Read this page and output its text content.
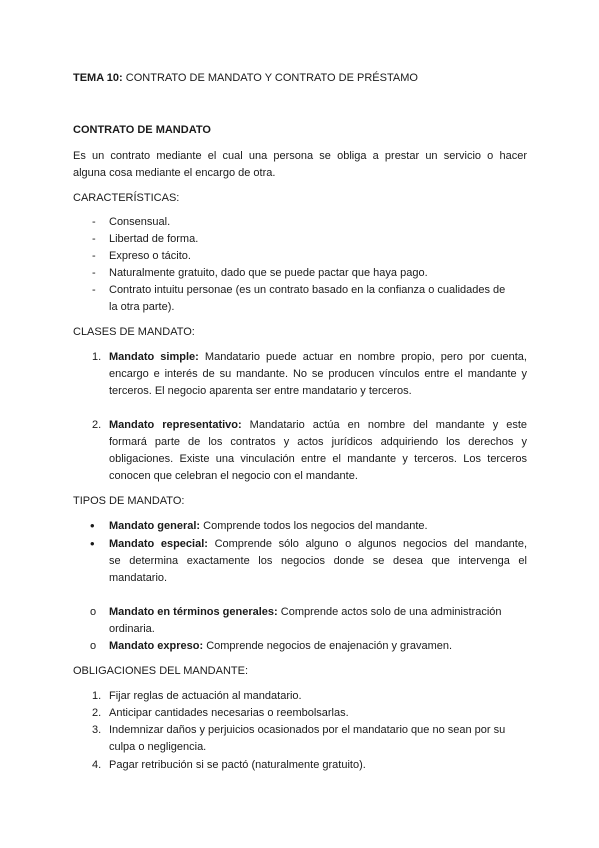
TEMA 10: CONTRATO DE MANDATO Y CONTRATO DE PRÉSTAMO
CONTRATO DE MANDATO
Es un contrato mediante el cual una persona se obliga a prestar un servicio o hacer
alguna cosa mediante el encargo de otra.
CARACTERÍSTICAS:
- Consensual.
- Libertad de forma.
- Expreso o tácito.
- Naturalmente gratuito, dado que se puede pactar que haya pago.
- Contrato intuitu personae (es un contrato basado en la confianza o cualidades de
la otra parte).
CLASES DE MANDATO:
1. Mandato simple: Mandatario puede actuar en nombre propio, pero por cuenta,
encargo e interés de su mandante. No se producen vínculos entre el mandante y
terceros. El negocio aparenta ser entre mandatario y terceros.
2. Mandato representativo: Mandatario actúa en nombre del mandante y este
formará parte de los contratos y actos jurídicos adquiriendo los derechos y
obligaciones. Existe una vinculación entre el mandante y terceros. Los terceros
conocen que celebran el negocio con el mandante.
TIPOS DE MANDATO:
• Mandato general: Comprende todos los negocios del mandante.
• Mandato especial: Comprende sólo alguno o algunos negocios del mandante,
se determina exactamente los negocios donde se desea que intervenga el
mandatario.
o Mandato en términos generales: Comprende actos solo de una administración
ordinaria.
o Mandato expreso: Comprende negocios de enajenación y gravamen.
OBLIGACIONES DEL MANDANTE:
1. Fijar reglas de actuación al mandatario.
2. Anticipar cantidades necesarias o reembolsarlas.
3. Indemnizar daños y perjuicios ocasionados por el mandatario que no sean por su
culpa o negligencia.
4. Pagar retribución si se pactó (naturalmente gratuito).
